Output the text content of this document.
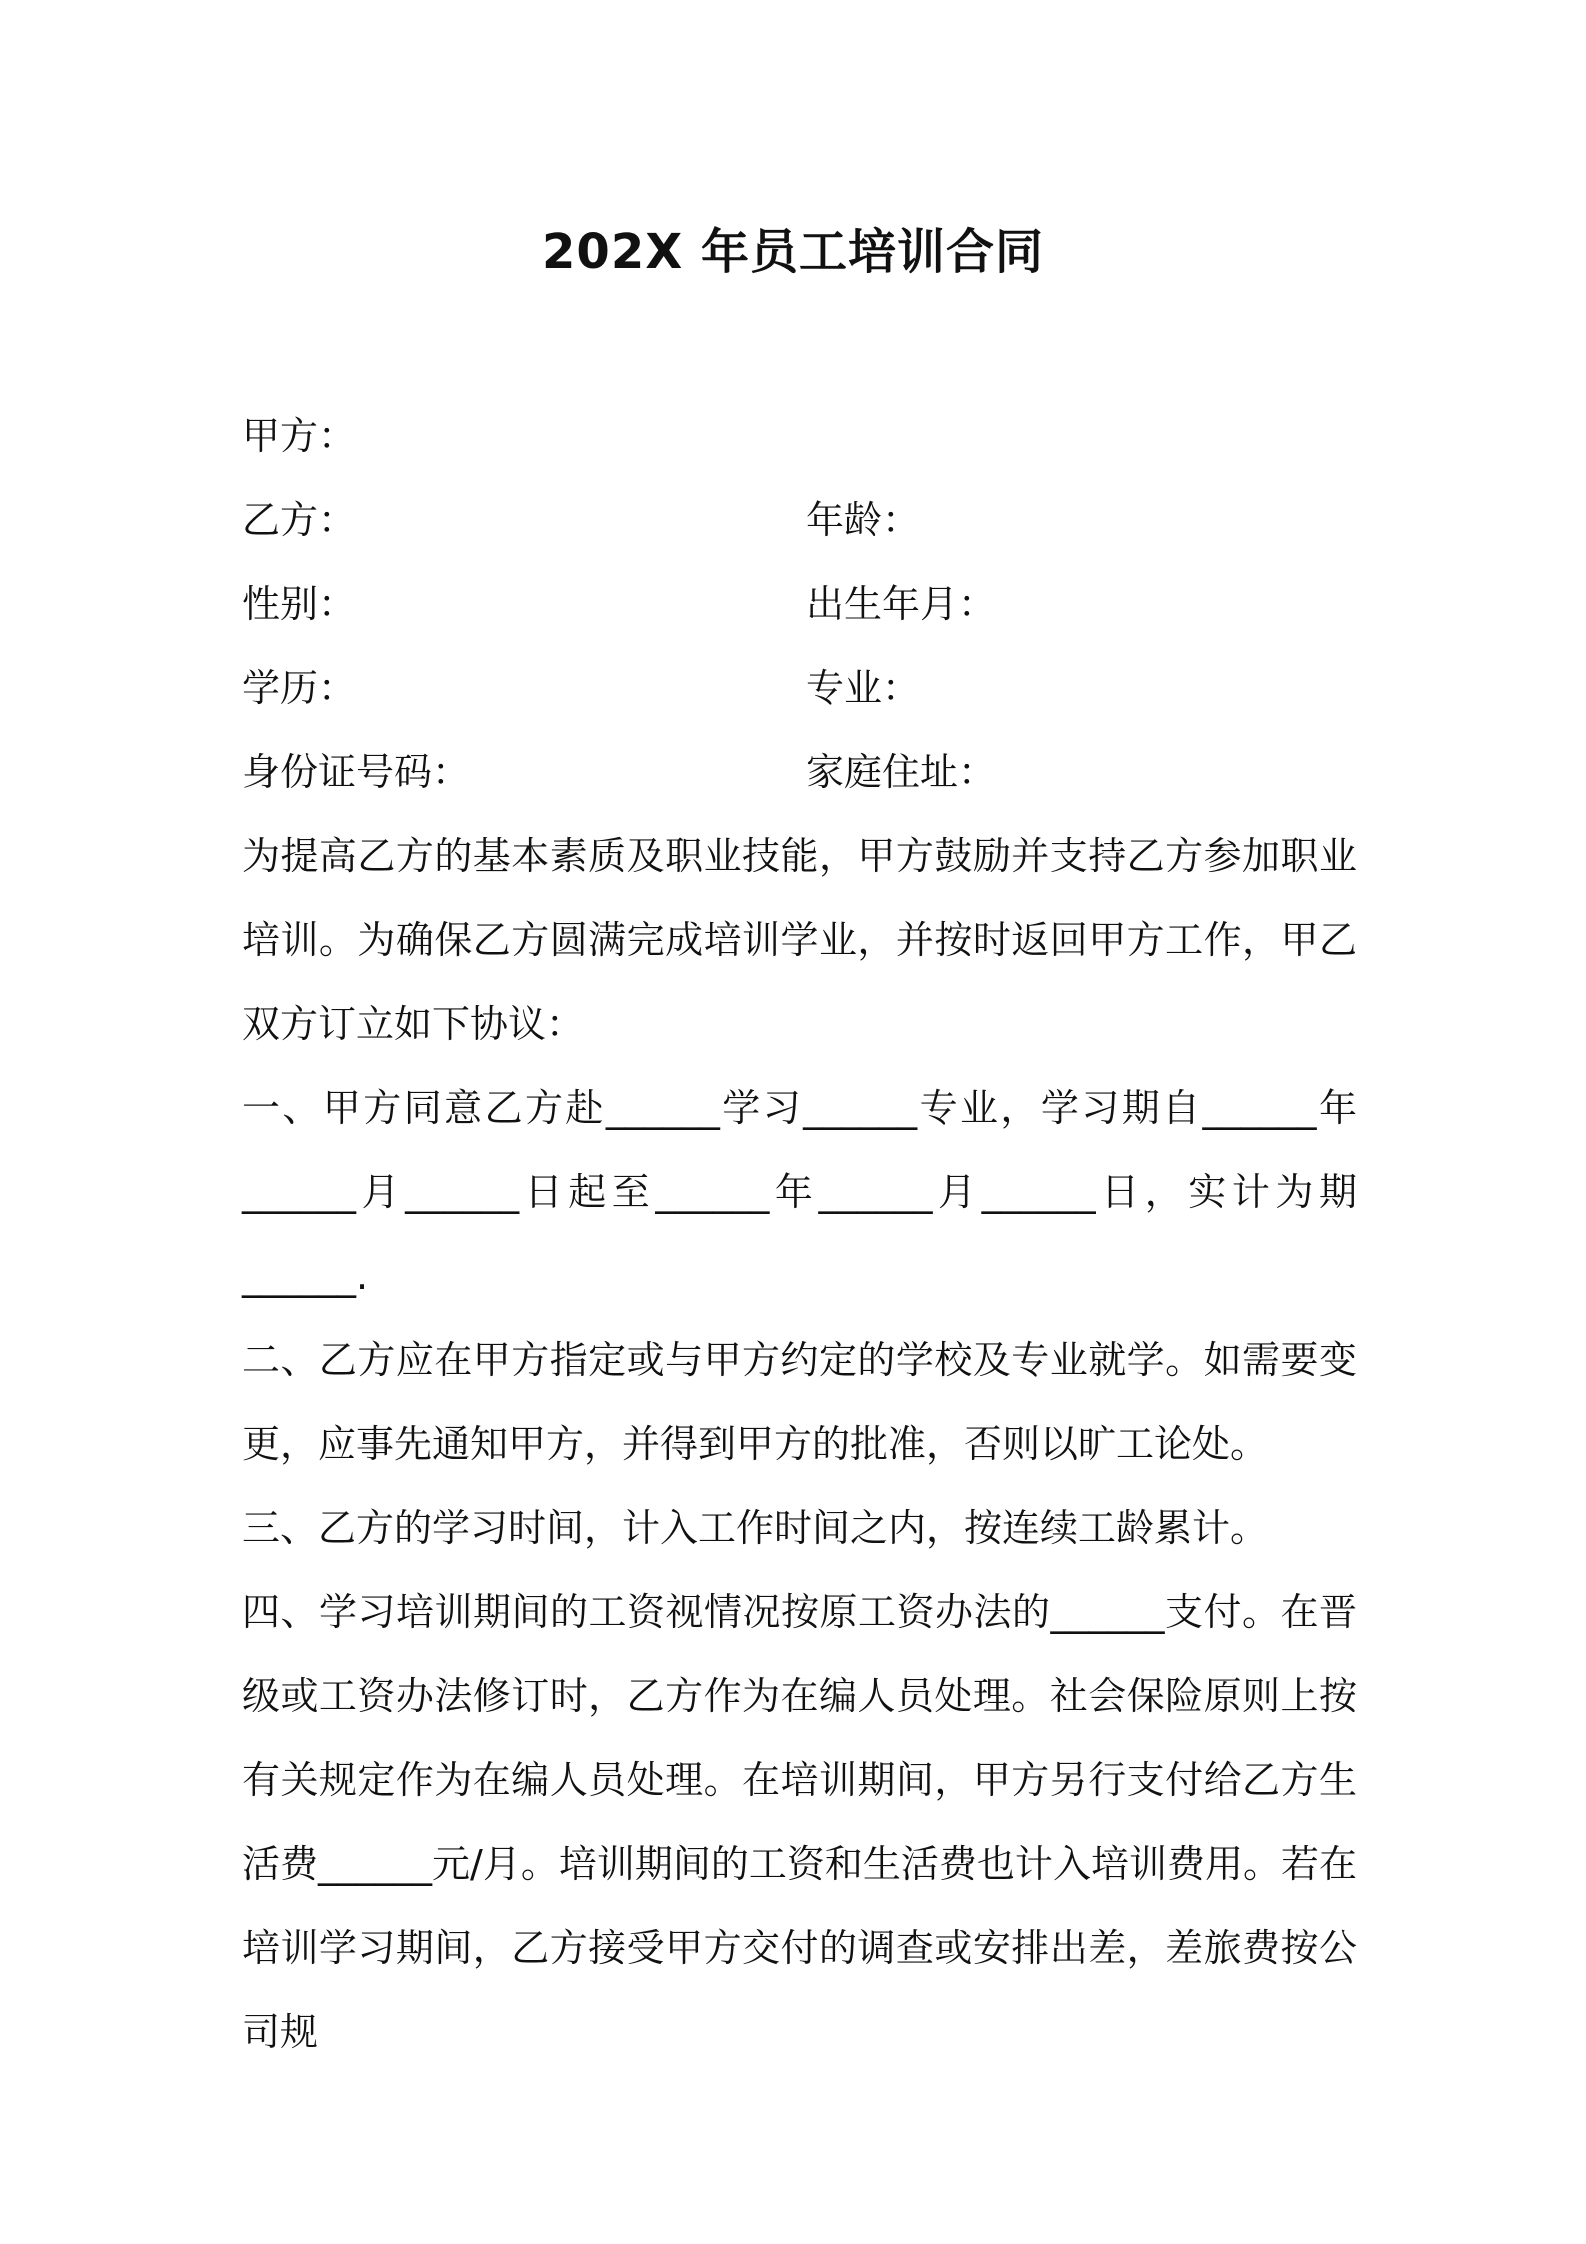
202X 年员工培训合同
甲方：
乙方：	年龄：
性别：	出生年月：
学历：	专业：
身份证号码：	家庭住址：

为提高乙方的基本素质及职业技能，甲方鼓励并支持乙方参加职业培训。为确保乙方圆满完成培训学业，并按时返回甲方工作，甲乙双方订立如下协议：

一、甲方同意乙方赴______学习______专业，学习期自______年______月______日起至______年______月______日，实计为期______.

二、乙方应在甲方指定或与甲方约定的学校及专业就学。如需要变更，应事先通知甲方，并得到甲方的批准，否则以旷工论处。

三、乙方的学习时间，计入工作时间之内，按连续工龄累计。

四、学习培训期间的工资视情况按原工资办法的______支付。在晋级或工资办法修订时，乙方作为在编人员处理。社会保险原则上按有关规定作为在编人员处理。在培训期间，甲方另行支付给乙方生活费______元/月。培训期间的工资和生活费也计入培训费用。若在培训学习期间，乙方接受甲方交付的调查或安排出差，差旅费按公司规
